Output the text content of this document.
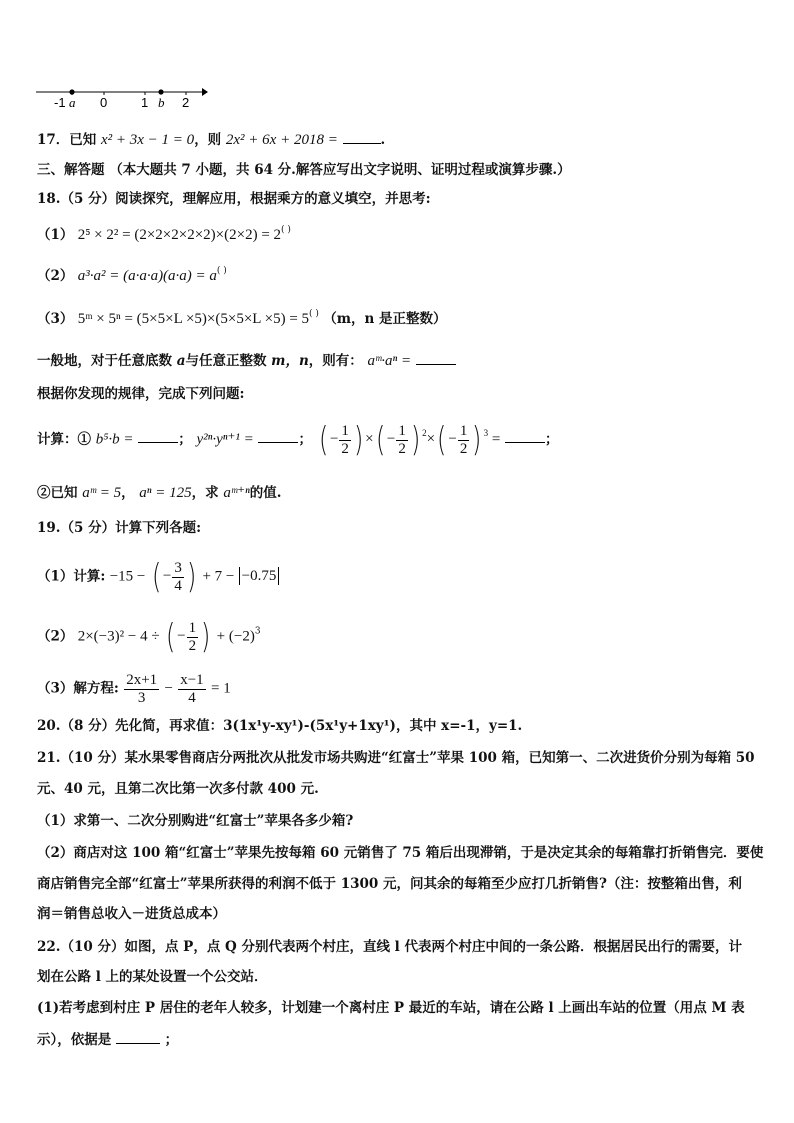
-1 a 0	1 b 2
17．已知 x² + 3x − 1 = 0，则 2x² + 6x + 2018 =	.
三、解答题 （本大题共 7 小题，共 64 分.解答应写出文字说明、证明过程或演算步骤.）
18.（5 分）阅读探究，理解应用，根据乘方的意义填空，并思考:
（1） 2⁵ × 2² = (2×2×2×2×2)×(2×2) = 2( )
（2） a³·a² = (a·a·a)(a·a) = a( )
（3） 5ᵐ × 5ⁿ = (5×5×L ×5)×(5×5×L ×5) = 5( ) （m，n 是正整数）
一般地，对于任意底数 a与任意正整数 m，n，则有： aᵐ·aⁿ =
根据你发现的规律，完成下列问题:
计算：① b⁵·b =	； y²ⁿ·yⁿ⁺¹ =	； ( − $\frac{1}{2}$ ) ×( − $\frac{1}{2}$ ) $^2\times( - \frac{1}{2}$ ) $^3$ =	；
②已知 aᵐ = 5， aⁿ = 125，求 aᵐ⁺ⁿ的值.
19.（5 分）计算下列各题:
（1）计算: −15 − ( − $\frac{3}{4}$ ) + 7 − −0.75
（2） 2×(−3)² − 4 ÷ ( − $\frac{1}{2}$ ) + $(-2)^3$
（3）解方程: $\frac{2x+1}{3} - \frac{x-1}{4} = 1$
20.（8 分）先化简，再求值：3(1x¹y-xy¹)-(5x¹y+1xy¹)，其中 x=-1，y=1.
21.（10 分）某水果零售商店分两批次从批发市场共购进“红富士”苹果 100 箱，已知第一、二次进货价分别为每箱 50
元、40 元，且第二次比第一次多付款 400 元.
（1）求第一、二次分别购进“红富士”苹果各多少箱?
（2）商店对这 100 箱“红富士”苹果先按每箱 60 元销售了 75 箱后出现滞销，于是决定其余的每箱靠打折销售完．要使
商店销售完全部“红富士”苹果所获得的利润不低于 1300 元，问其余的每箱至少应打几折销售?（注：按整箱出售，利
润＝销售总收入－进货总成本）
22.（10 分）如图，点 P，点 Q 分别代表两个村庄，直线 l 代表两个村庄中间的一条公路．根据居民出行的需要，计
划在公路 l 上的某处设置一个公交站．
(1)若考虑到村庄 P 居住的老年人较多，计划建一个离村庄 P 最近的车站，请在公路 l 上画出车站的位置（用点 M 表
示），依据是	；
